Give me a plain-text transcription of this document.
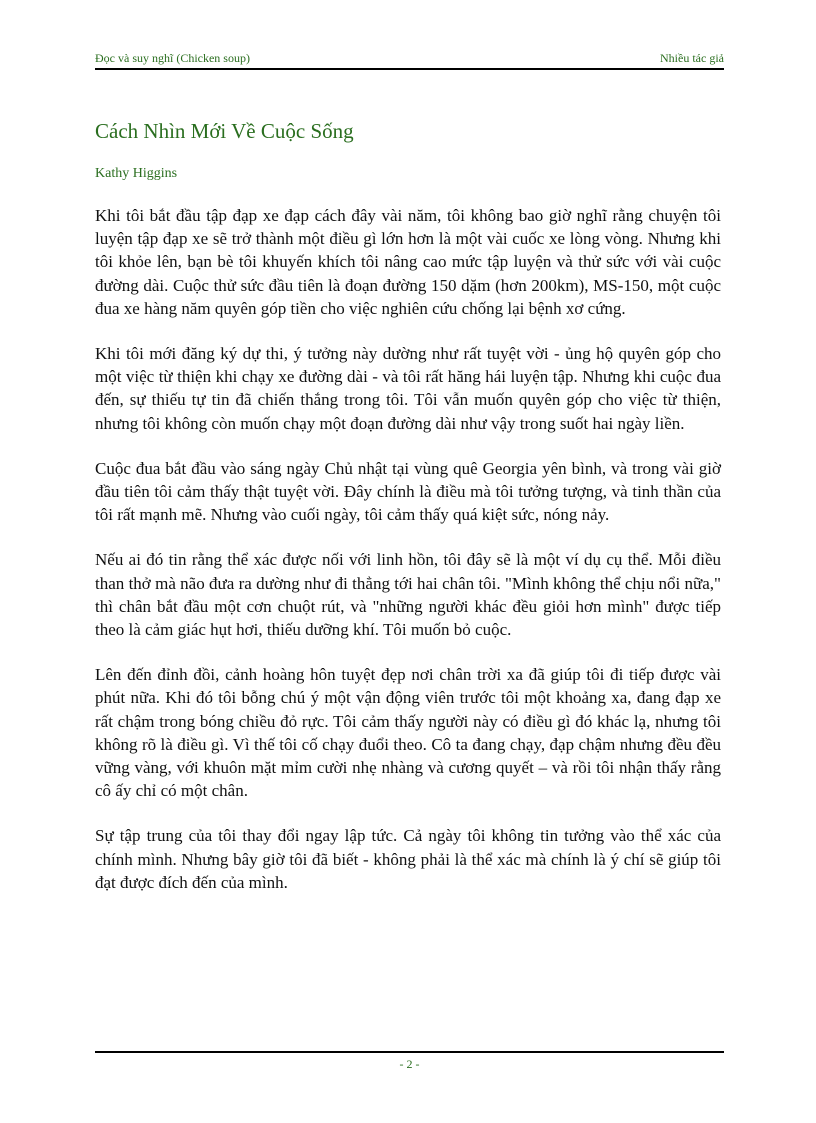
Đọc và suy nghĩ (Chicken soup)	Nhiều tác giả
Cách Nhìn Mới Về Cuộc Sống
Kathy Higgins

Khi tôi bắt đầu tập đạp xe đạp cách đây vài năm, tôi không bao giờ nghĩ rằng chuyện tôi luyện tập đạp xe sẽ trở thành một điều gì lớn hơn là một vài cuốc xe lòng vòng. Nhưng khi tôi khỏe lên, bạn bè tôi khuyến khích tôi nâng cao mức tập luyện và thử sức với vài cuộc đường dài. Cuộc thử sức đầu tiên là đoạn đường 150 dặm (hơn 200km), MS-150, một cuộc đua xe hàng năm quyên góp tiền cho việc nghiên cứu chống lại bệnh xơ cứng.

Khi tôi mới đăng ký dự thi, ý tưởng này dường như rất tuyệt vời - ủng hộ quyên góp cho một việc từ thiện khi chạy xe đường dài - và tôi rất hăng hái luyện tập. Nhưng khi cuộc đua đến, sự thiếu tự tin đã chiến thắng trong tôi. Tôi vẫn muốn quyên góp cho việc từ thiện, nhưng tôi không còn muốn chạy một đoạn đường dài như vậy trong suốt hai ngày liền.

Cuộc đua bắt đầu vào sáng ngày Chủ nhật tại vùng quê Georgia yên bình, và trong vài giờ đầu tiên tôi cảm thấy thật tuyệt vời. Đây chính là điều mà tôi tưởng tượng, và tinh thần của tôi rất mạnh mẽ. Nhưng vào cuối ngày, tôi cảm thấy quá kiệt sức, nóng nảy.

Nếu ai đó tin rằng thể xác được nối với linh hồn, tôi đây sẽ là một ví dụ cụ thể. Mỗi điều than thở mà não đưa ra dường như đi thẳng tới hai chân tôi. "Mình không thể chịu nổi nữa," thì chân bắt đầu một cơn chuột rút, và "những người khác đều giỏi hơn mình" được tiếp theo là cảm giác hụt hơi, thiếu dưỡng khí. Tôi muốn bỏ cuộc.

Lên đến đỉnh đồi, cảnh hoàng hôn tuyệt đẹp nơi chân trời xa đã giúp tôi đi tiếp được vài phút nữa. Khi đó tôi bỗng chú ý một vận động viên trước tôi một khoảng xa, đang đạp xe rất chậm trong bóng chiều đỏ rực. Tôi cảm thấy người này có điều gì đó khác lạ, nhưng tôi không rõ là điều gì. Vì thế tôi cố chạy đuổi theo. Cô ta đang chạy, đạp chậm nhưng đều đều vững vàng, với khuôn mặt mỉm cười nhẹ nhàng và cương quyết – và rồi tôi nhận thấy rằng cô ấy chỉ có một chân.

Sự tập trung của tôi thay đổi ngay lập tức. Cả ngày tôi không tin tưởng vào thể xác của chính mình. Nhưng bây giờ tôi đã biết - không phải là thể xác mà chính là ý chí sẽ giúp tôi đạt được đích đến của mình.

- 2 -
